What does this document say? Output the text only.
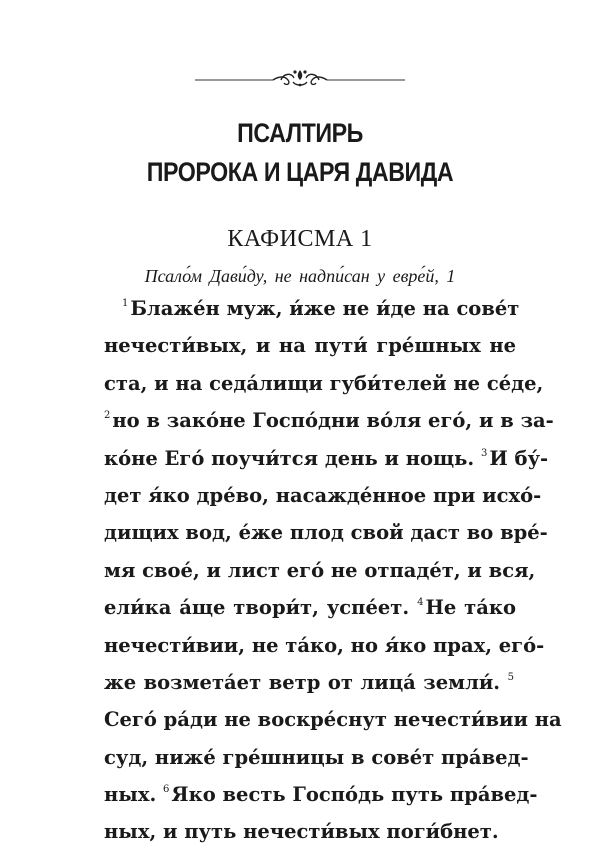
ПСАЛТИРЬ
ПРОРОКА И ЦАРЯ ДАВИДА
КАФИСМА 1
Псало́м Дави́ду, не надпи́сан у евре́й, 1
$^1$ Блаже́н муж, и́же не и́де на сове́т
нечести́вых, и на пути́ гре́шных не
ста, и на седа́лищи губи́телей не се́де,
$^2$ но в зако́не Госпо́дни во́ля его́, и в за-
ко́не Его́ поучи́тся день и нощь. $^3$ И бу́-
дет я́ко дре́во, насажде́нное при исхо́-
дищих вод, е́же плод свой даст во вре́-
мя свое́, и лист его́ не отпаде́т, и вся,
ели́ка а́ще твори́т, успе́ет. $^4$ Не та́ко
нечести́вии, не та́ко, но я́ко прах, его́-
же возмета́ет ветр от лица́ земли́. $^5$
Сего́ ра́ди не воскре́снут нечести́вии на
суд, ниже́ гре́шницы в сове́т пра́вед-
ных. $^6$ Яко весть Госпо́дь путь пра́вед-
ных, и путь нечести́вых поги́бнет.
